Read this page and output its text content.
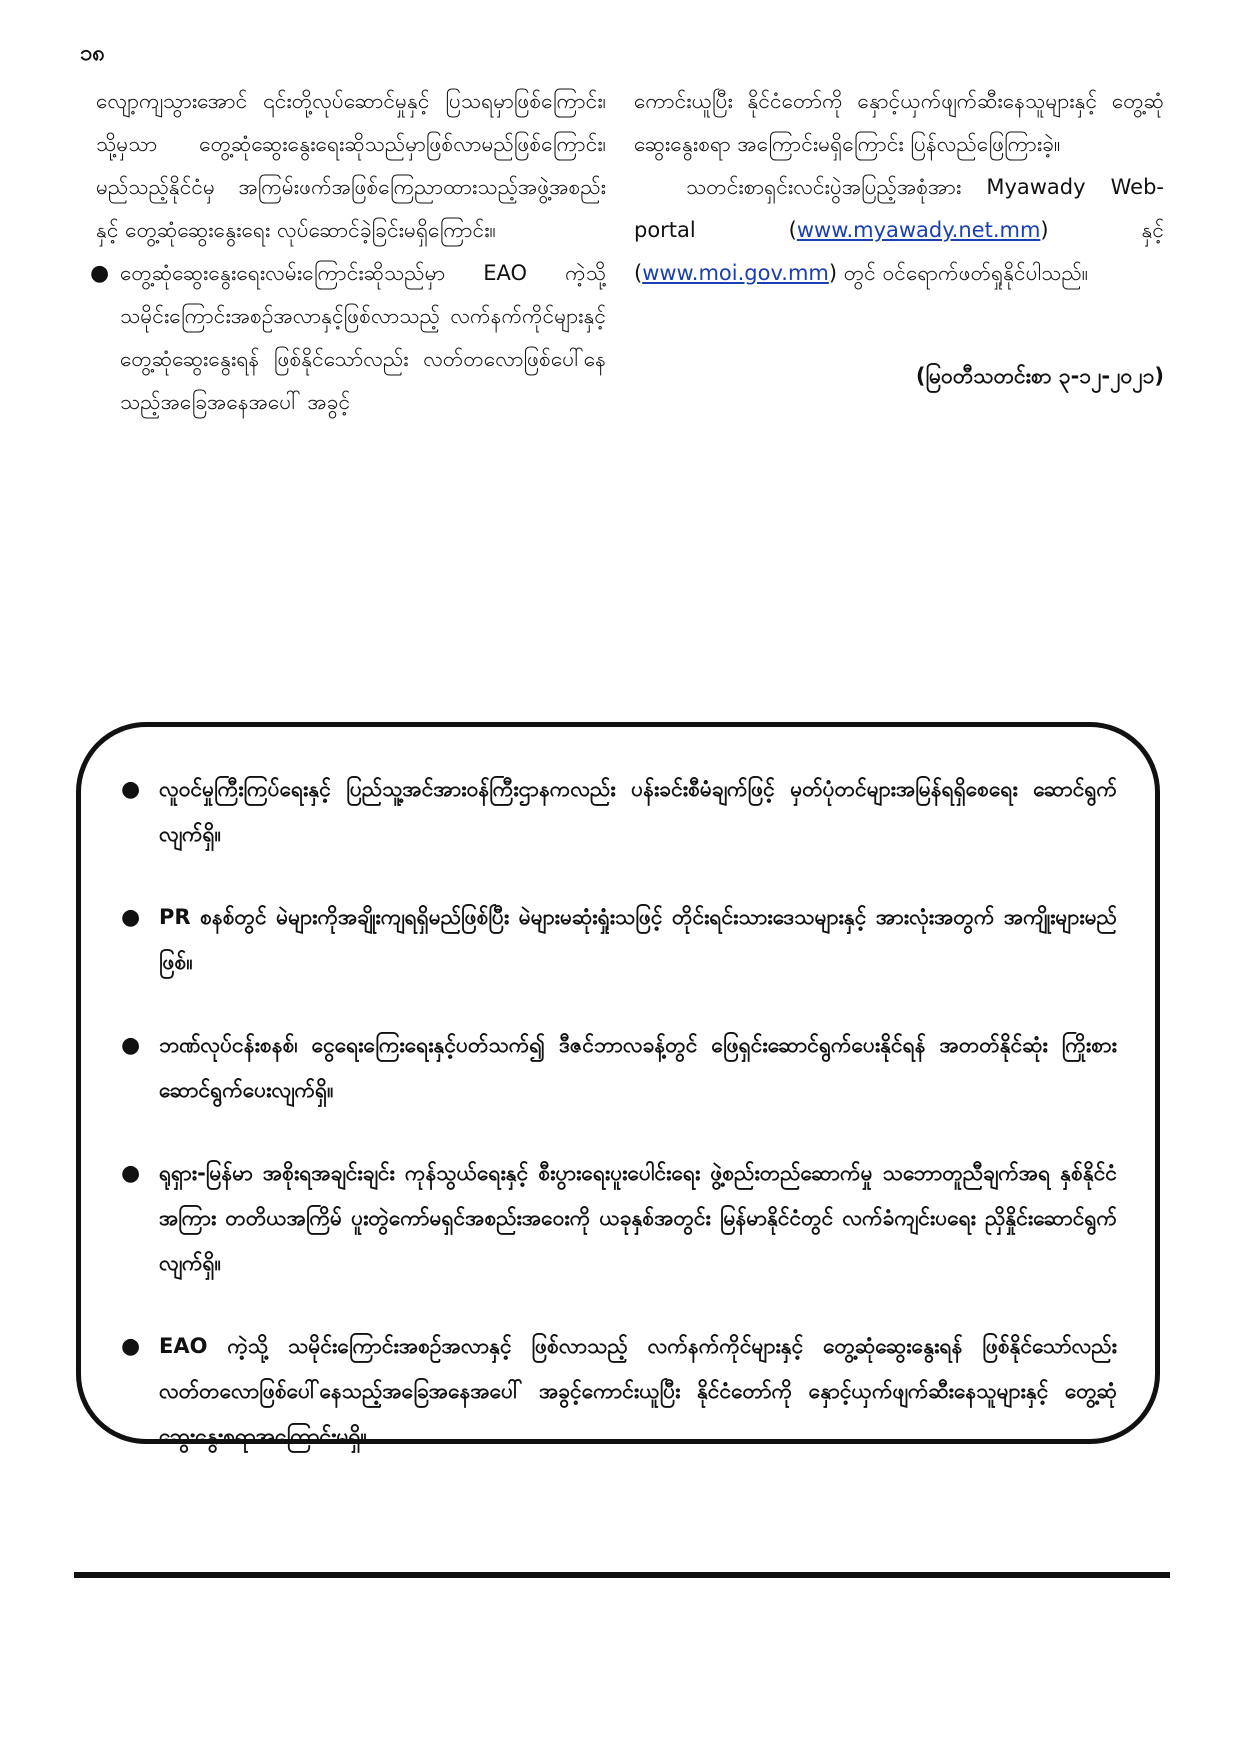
၁၈

လျော့ကျသွားအောင် ၎င်းတို့လုပ်ဆောင်မှုနှင့် ပြသရမှာဖြစ်ကြောင်း၊ သို့မှသာ တွေ့ဆုံဆွေးနွေးရေးဆိုသည်မှာဖြစ်လာမည်ဖြစ်ကြောင်း၊ မည်သည့်နိုင်ငံမှ အကြမ်းဖက်အဖြစ်ကြေညာထားသည့်အဖွဲ့အစည်းနှင့် တွေ့ဆုံဆွေးနွေးရေး လုပ်ဆောင်ခဲ့ခြင်းမရှိကြောင်း။

● တွေ့ဆုံဆွေးနွေးရေးလမ်းကြောင်းဆိုသည်မှာ EAO ကဲ့သို့ သမိုင်းကြောင်းအစဉ်အလာနှင့်ဖြစ်လာသည့် လက်နက်ကိုင်များနှင့် တွေ့ဆုံဆွေးနွေးရန် ဖြစ်နိုင်သော်လည်း လတ်တလောဖြစ်ပေါ်နေသည့်အခြေအနေအပေါ် အခွင့်

ကောင်းယူပြီး နိုင်ငံတော်ကို နှောင့်ယှက်ဖျက်ဆီးနေသူများနှင့် တွေ့ဆုံဆွေးနွေးစရာ အကြောင်းမရှိကြောင်း ပြန်လည်ဖြေကြားခဲ့။

သတင်းစာရှင်းလင်းပွဲအပြည့်အစုံအား Myawady Web-portal (www.myawady.net.mm) နှင့် (www.moi.gov.mm) တွင် ဝင်ရောက်ဖတ်ရှုနိုင်ပါသည်။

(မြဝတီသတင်းစာ ၃-၁၂-၂၀၂၁)
● လူဝင်မှုကြီးကြပ်ရေးနှင့် ပြည်သူ့အင်အားဝန်ကြီးဌာနကလည်း ပန်းခင်းစီမံချက်ဖြင့် မှတ်ပုံတင်များအမြန်ရရှိစေရေး ဆောင်ရွက်လျက်ရှိ။
● PR စနစ်တွင် မဲများကိုအချိုးကျရရှိမည်ဖြစ်ပြီး မဲများမဆုံးရှုံးသဖြင့် တိုင်းရင်းသားဒေသများနှင့် အားလုံးအတွက် အကျိုးများမည်ဖြစ်။
● ဘဏ်လုပ်ငန်းစနစ်၊ ငွေရေးကြေးရေးနှင့်ပတ်သက်၍ ဒီဇင်ဘာလခန့်တွင် ဖြေရှင်းဆောင်ရွက်ပေးနိုင်ရန် အတတ်နိုင်ဆုံး ကြိုးစားဆောင်ရွက်ပေးလျက်ရှိ။
● ရုရှား-မြန်မာ အစိုးရအချင်းချင်း ကုန်သွယ်ရေးနှင့် စီးပွားရေးပူးပေါင်းရေး ဖွဲ့စည်းတည်ဆောက်မှု သဘောတူညီချက်အရ နှစ်နိုင်ငံအကြား တတိယအကြိမ် ပူးတွဲကော်မရှင်အစည်းအဝေးကို ယခုနှစ်အတွင်း မြန်မာနိုင်ငံတွင် လက်ခံကျင်းပရေး ညှိနှိုင်းဆောင်ရွက်လျက်ရှိ။
● EAO ကဲ့သို့ သမိုင်းကြောင်းအစဉ်အလာနှင့် ဖြစ်လာသည့် လက်နက်ကိုင်များနှင့် တွေ့ဆုံဆွေးနွေးရန် ဖြစ်နိုင်သော်လည်း လတ်တလောဖြစ်ပေါ်နေသည့်အခြေအနေအပေါ် အခွင့်ကောင်းယူပြီး နိုင်ငံတော်ကို နှောင့်ယှက်ဖျက်ဆီးနေသူများနှင့် တွေ့ဆုံဆွေးနွေးစရာအကြောင်းမရှိ။
